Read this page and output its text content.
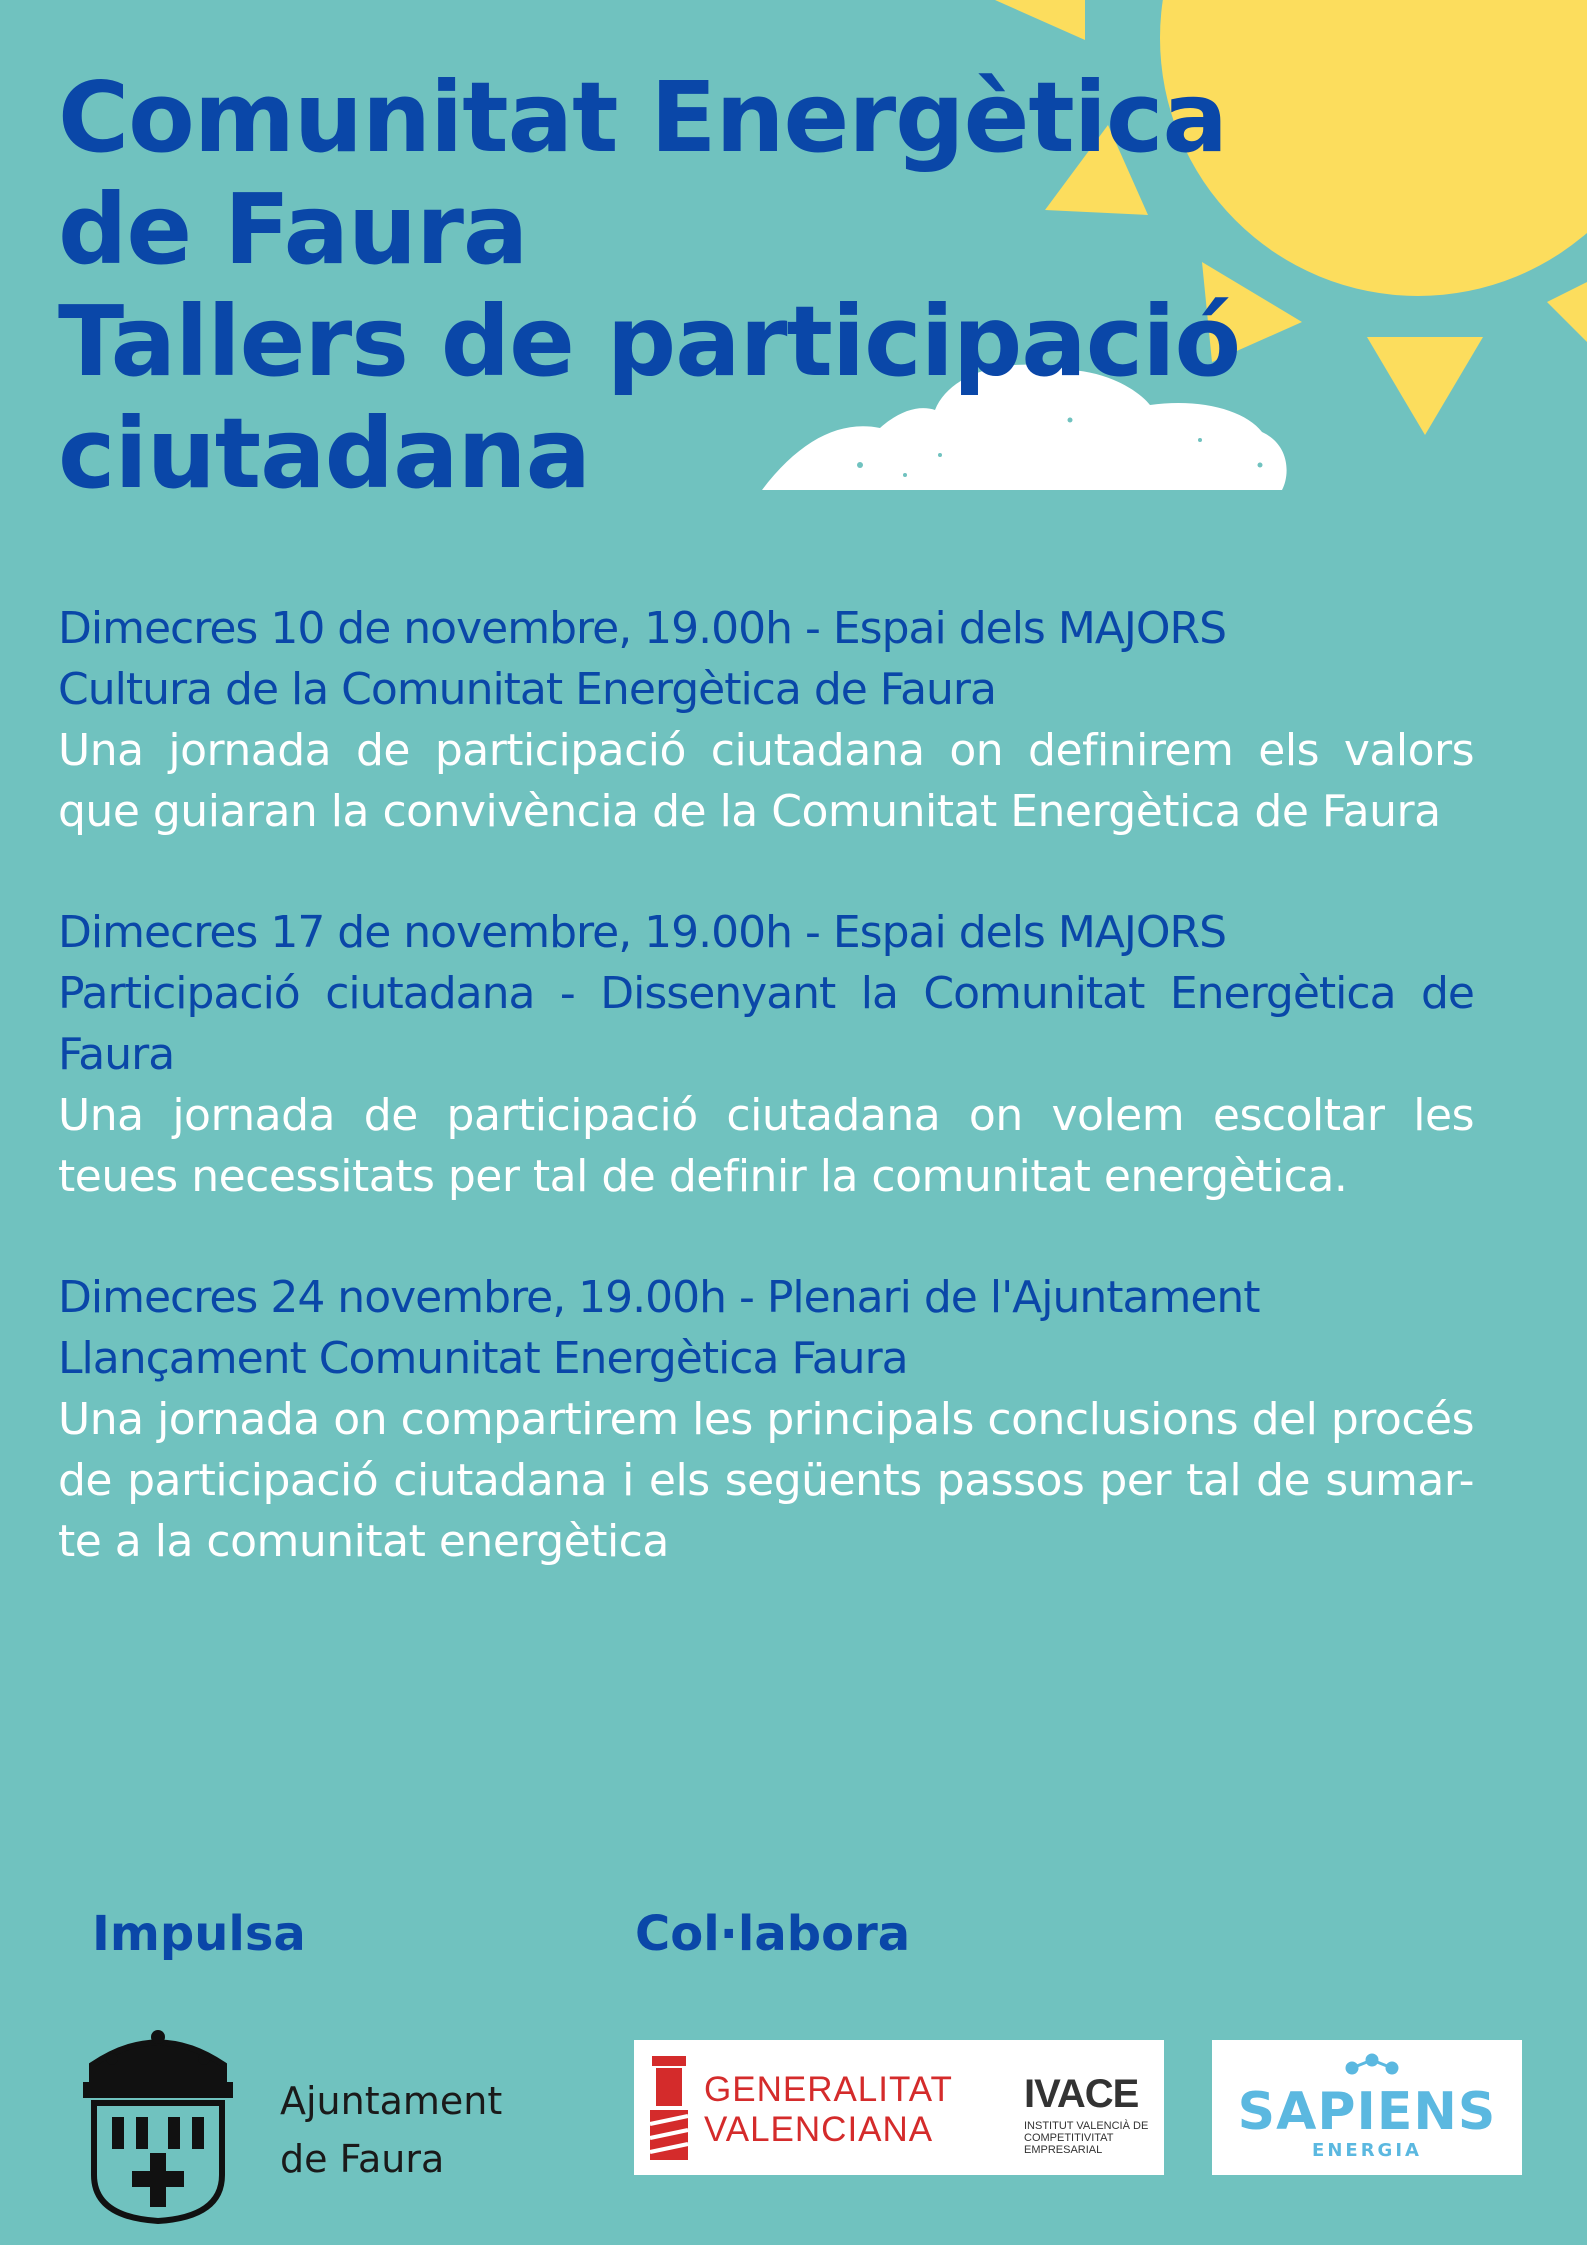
Comunitat Energètica
de Faura
Tallers de participació
ciutadana
Dimecres 10 de novembre, 19.00h - Espai dels MAJORS
Cultura de la Comunitat Energètica de Faura
Una jornada de participació ciutadana on definirem els valors que guiaran la convivència de la Comunitat Energètica de Faura
Dimecres 17 de novembre, 19.00h - Espai dels MAJORS
Participació ciutadana - Dissenyant la Comunitat Energètica de Faura
Una jornada de participació ciutadana on volem escoltar les teues necessitats per tal de definir la comunitat energètica.
Dimecres 24 novembre, 19.00h - Plenari de l'Ajuntament
Llançament Comunitat Energètica Faura
Una jornada on compartirem les principals conclusions del procés de participació ciutadana i els següents passos per tal de sumar-te a la comunitat energètica
Impulsa	Col·labora
Ajuntament
de Faura
GENERALITAT
VALENCIANA
IVACE
INSTITUT VALENCIÀ DE COMPETITIVITAT EMPRESARIAL
SAPIENS
ENERGIA
